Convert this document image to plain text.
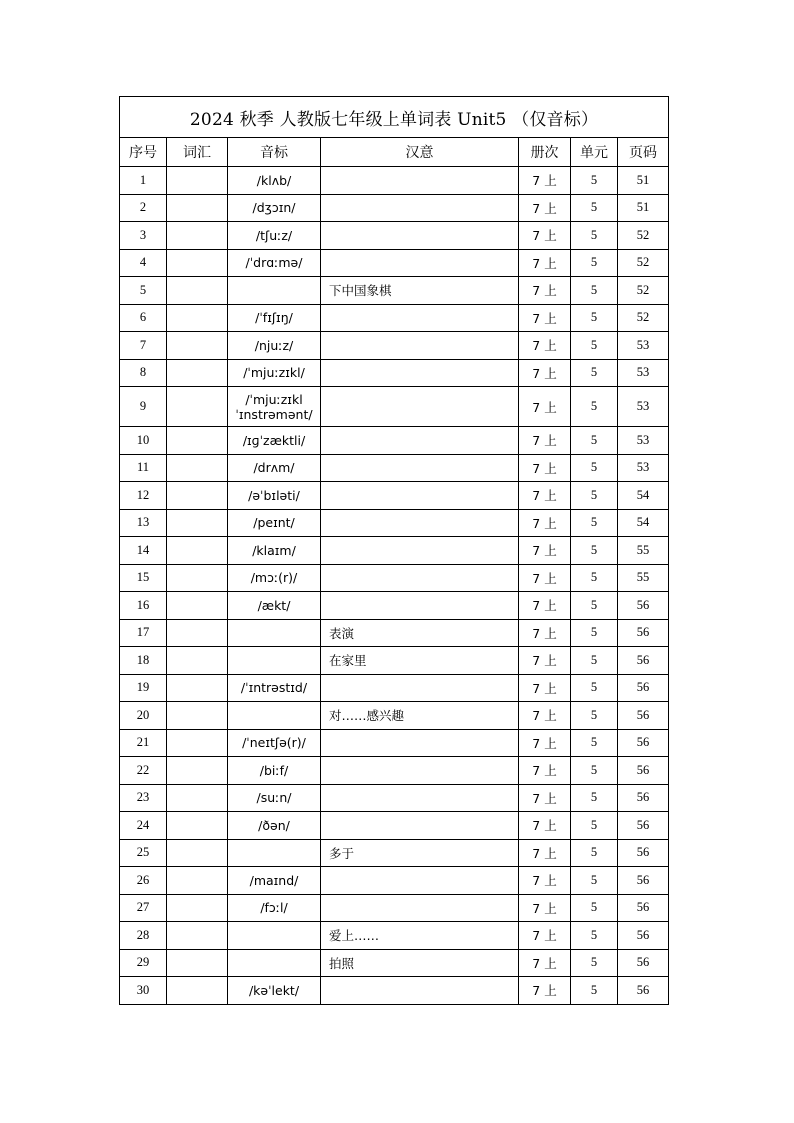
2024 秋季 人教版七年级上单词表 Unit5 （仅音标）						
序号	词汇	音标	汉意	册次	单元	页码
1		/klʌb/		7 上	5	51
2		/dʒɔɪn/		7 上	5	51
3		/tʃuːz/		7 上	5	52
4		/ˈdrɑːmə/		7 上	5	52
5			下中国象棋	7 上	5	52
6		/ˈfɪʃɪŋ/		7 上	5	52
7		/njuːz/		7 上	5	53
8		/ˈmjuːzɪkl/		7 上	5	53
9		/ˈmjuːzɪkl ˈɪnstrəmənt/		7 上	5	53
10		/ɪɡˈzæktli/		7 上	5	53
11		/drʌm/		7 上	5	53
12		/əˈbɪləti/		7 上	5	54
13		/peɪnt/		7 上	5	54
14		/klaɪm/		7 上	5	55
15		/mɔː(r)/		7 上	5	55
16		/ækt/		7 上	5	56
17			表演	7 上	5	56
18			在家里	7 上	5	56
19		/ˈɪntrəstɪd/		7 上	5	56
20			对……感兴趣	7 上	5	56
21		/ˈneɪtʃə(r)/		7 上	5	56
22		/biːf/		7 上	5	56
23		/suːn/		7 上	5	56
24		/ðən/		7 上	5	56
25			多于	7 上	5	56
26		/maɪnd/		7 上	5	56
27		/fɔːl/		7 上	5	56
28			爱上……	7 上	5	56
29			拍照	7 上	5	56
30		/kəˈlekt/		7 上	5	56
